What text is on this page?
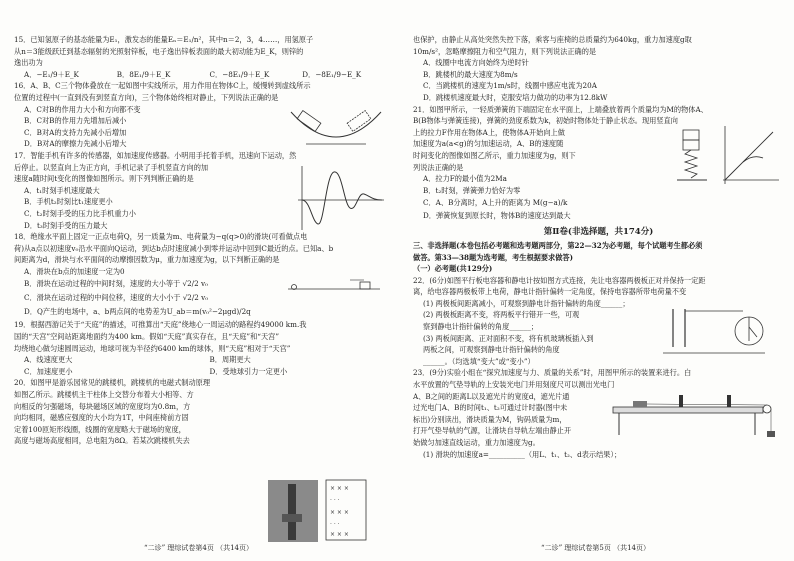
15．已知氢原子的基态能量为E₁，激发态的能量Eₙ＝E₁/n²，其中n＝2，3，4……，用氢原子

从n＝3能级跃迁到基态辐射的光照射锌板，电子逸出锌板表面的最大初动能为E_K，则锌的

逸出功为

A．−E₁/9＋E_K	B．8E₁/9＋E_K	C．−8E₁/9＋E_K	D．−8E₁/9−E_K

16．A、B、C三个物体叠放在一起如图中实线所示，用力作用在物体C上，缓慢转到虚线所示

位置的过程中(一直到没有到竖直方向)，三个物体始终相对静止，下列说法正确的是

A．C对B的作用力大小和方向都不变

B．C对B的作用力先增加后减小

C．B对A的支持力先减小后增加

D．B对A的摩擦力先减小后增大

17．智能手机有许多的传感器，如加速度传感器。小明用手托着手机，迅速向下运动，然

后停止。以竖直向上为正方向，手机记录了手机竖直方向的加

速度a随时间t变化的图像如图所示。则下列判断正确的是

A．t₁时刻手机速度最大

B．手机t₂时刻比t₁速度更小

C．t₂时刻手受的压力比手机重力小

D．t₃时刻手受的压力最大

18．绝缘水平面上固定一正点电荷Q，另一质量为m、电荷量为−q(q>0)的滑块(可看做点电

荷)从a点以初速度v₀沿水平面向Q运动，到达b点时速度减小到零并运动中回到C最近的点。已知a、b

间距离为d，滑块与水平面间的动摩擦因数为μ，重力加速度为g，以下判断正确的是

A．滑块在b点的加速度一定为0

B．滑块在运动过程的中间时刻，速度的大小等于 √2/2 v₀

C．滑块在运动过程的中间位移，速度的大小小于 √2/2 v₀

D．Q产生的电场中，a、b两点间的电势差为U_ab＝m(v₀²−2μgd)/2q

19．根据西游记关于“天庭”的描述，可推算出“天庭”绕地心一周运动的路程约49000 km.我

国的“天宫”空间站距离地面约为400 km。假如“天庭”真实存在，且“天庭”和“天宫”

均绕地心做匀速圆周运动，地球可视为半径约6400 km的球体，则“天庭”相对于“天宫”

A．线速度更大	B．周期更大
C．加速度更小	D．受地球引力一定更小

20．如图甲是游乐园常见的跳楼机，跳楼机的电磁式制动原理

如图乙所示。跳楼机主干柱体上交替分布着大小相等、方

向相反的匀强磁场，每块磁场区域的宽度均为0.8m，方

向均相同，磁感应强度的大小均为1T，中间座椅前方固

定着100匝矩形线圈，线圈的宽度略大于磁场的宽度，

高度与磁场高度相同，总电阻为8Ω。若某次跳楼机失去

× × ×
· · ·
× × ×
· · ·
× × ×
“二诊” 理综试卷第4页 （共14页）

也保护，由静止从高处突然失控下落，乘客与座椅的总质量约为640kg，重力加速度g取

10m/s²，忽略摩擦阻力和空气阻力，则下列说法正确的是

A．线圈中电流方向始终为逆时针

B．跳楼机的最大速度为8m/s

C．当跳楼机的速度为1m/s时，线圈中感应电流为20A

D．跳楼机速度最大时，克服安培力做功的功率为12.8kW

21．如图甲所示，一轻质弹簧的下端固定在水平面上，上端叠放着两个质量均为M的物体A、

B(B物体与弹簧连接)，弹簧的劲度系数为k，初始时物体处于静止状态。现用竖直向

上的拉力F作用在物体A上，使物体A开始向上做

加速度为a(a<g)的匀加速运动，A、B的速度随

时间变化的图像如图乙所示，重力加速度为g，则下

列说法正确的是

A．拉力F的最小值为2Ma

B．t₂时刻，弹簧弹力恰好为零

C．A、B分离时，A上升的距离为 M(g−a)/k

D．弹簧恢复到原长时，物体B的速度达到最大

第Ⅱ卷(非选择题，共174分)

三、非选择题(本卷包括必考题和选考题两部分，第22—32为必考题，每个试题考生都必须

做答。第33—38题为选考题，考生根据要求做答)

（一）必考题(共129分)

22．(6分)如图平行板电容器和静电计按如图方式连接，先让电容器两极板正对并保持一定距

离，给电容器两极板带上电荷，静电计指针偏转一定角度，保持电容器所带电荷量不变

(1) 两极板间距离减小，可观察到静电计指针偏转的角度______；

(2) 两极板距离不变，将两板平行错开一些，可观

察到静电计指针偏转的角度______；

(3) 两板间距离、正对面积不变，将有机玻璃板插入到

两板之间，可观察到静电计指针偏转的角度

______。（均选填“变大”或“变小”）

23．(9分)实验小组在“探究加速度与力、质量的关系”时，用图甲所示的装置来进行。白

水平放置的气垫导轨的上安装光电门并用刻度尺可以测出光电门

A、B之间的距离L以及遮光片的宽度d，遮光片通

过光电门A、B的时间t₁、t₂可通过计时器(图中未

标出)分别读出，滑块质量为M，钩码质量为m，

打开气垫导轨的气源，让滑块自导轨左端由静止开

始做匀加速直线运动，重力加速度为g。

(1) 滑块的加速度a=__________（用L、t₁、t₂、d表示结果）；

“二诊” 理综试卷第5页 （共14页）
